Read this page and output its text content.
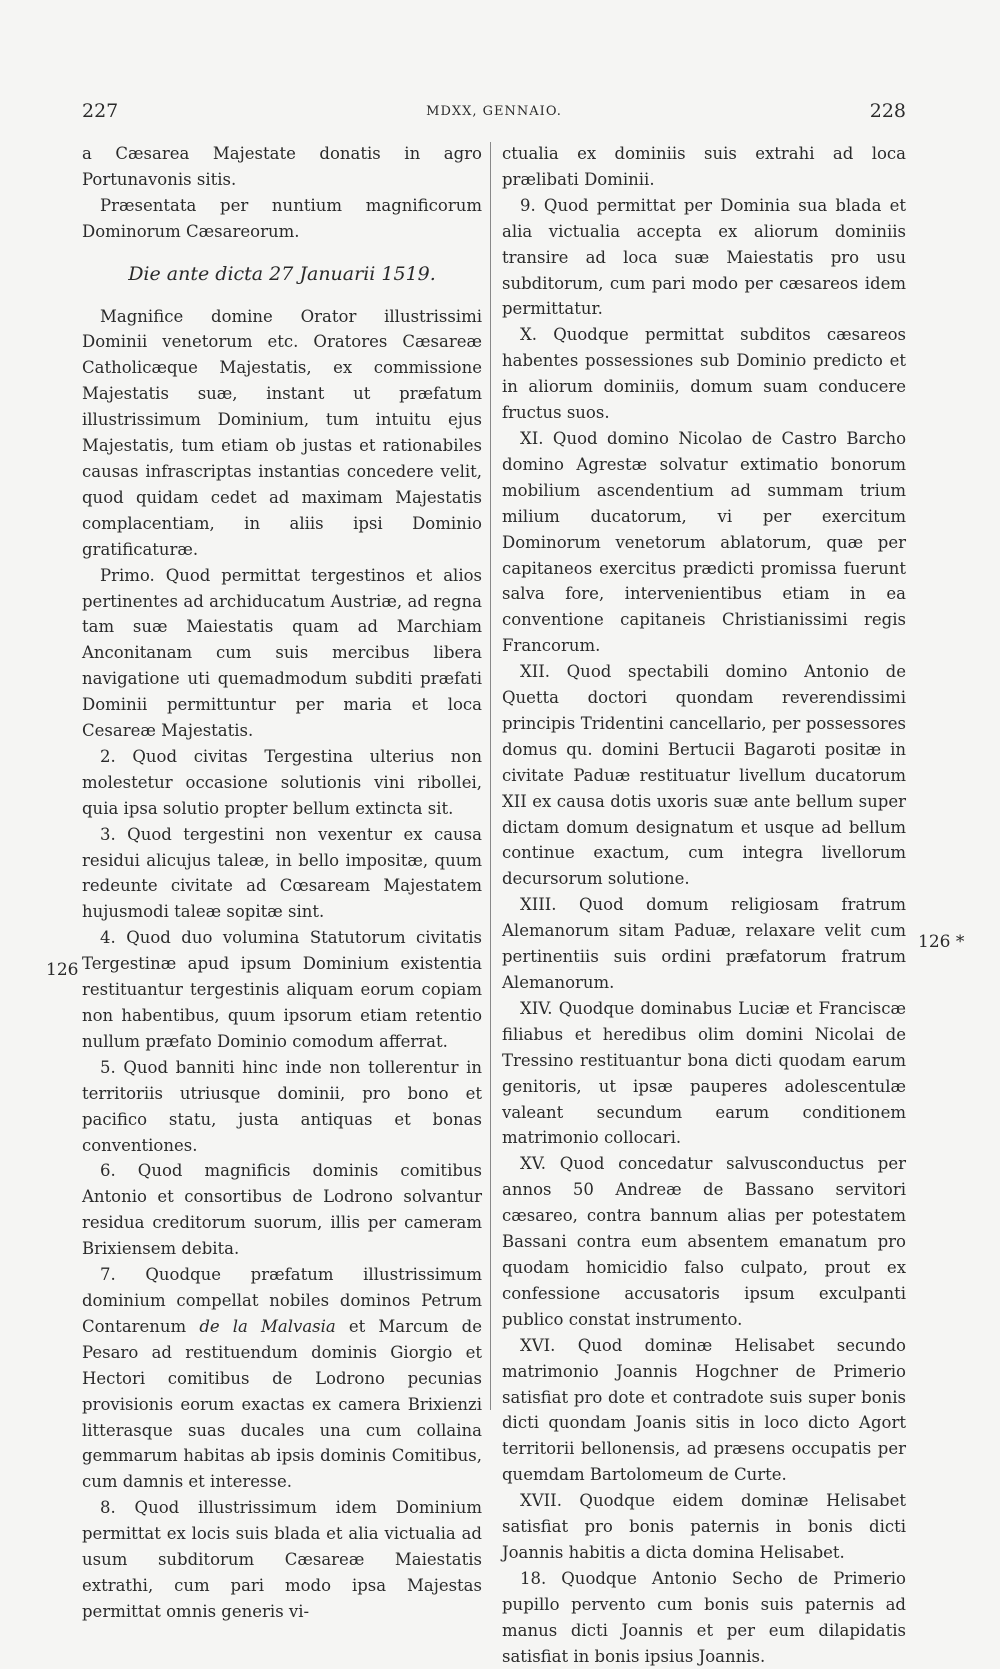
227	MDXX, GENNAIO.	228
126
126 *

a Cæsarea Majestate donatis in agro Portunavonis sitis.

Præsentata per nuntium magnificorum Dominorum Cæsareorum.

Die ante dicta 27 Januarii 1519.

Magnifice domine Orator illustrissimi Dominii venetorum etc. Oratores Cæsareæ Catholicæque Majestatis, ex commissione Majestatis suæ, instant ut præfatum illustrissimum Dominium, tum intuitu ejus Majestatis, tum etiam ob justas et rationabiles causas infrascriptas instantias concedere velit, quod quidam cedet ad maximam Majestatis complacentiam, in aliis ipsi Dominio gratificaturæ.

Primo. Quod permittat tergestinos et alios pertinentes ad archiducatum Austriæ, ad regna tam suæ Maiestatis quam ad Marchiam Anconitanam cum suis mercibus libera navigatione uti quemadmodum subditi præfati Dominii permittuntur per maria et loca Cesareæ Majestatis.

2. Quod civitas Tergestina ulterius non molestetur occasione solutionis vini ribollei, quia ipsa solutio propter bellum extincta sit.

3. Quod tergestini non vexentur ex causa residui alicujus taleæ, in bello impositæ, quum redeunte civitate ad Cœsaream Majestatem hujusmodi taleæ sopitæ sint.

4. Quod duo volumina Statutorum civitatis Tergestinæ apud ipsum Dominium existentia restituantur tergestinis aliquam eorum copiam non habentibus, quum ipsorum etiam retentio nullum præfato Dominio comodum afferrat.

5. Quod banniti hinc inde non tollerentur in territoriis utriusque dominii, pro bono et pacifico statu, justa antiquas et bonas conventiones.

6. Quod magnificis dominis comitibus Antonio et consortibus de Lodrono solvantur residua creditorum suorum, illis per cameram Brixiensem debita.

7. Quodque præfatum illustrissimum dominium compellat nobiles dominos Petrum Contarenum de la Malvasia et Marcum de Pesaro ad restituendum dominis Giorgio et Hectori comitibus de Lodrono pecunias provisionis eorum exactas ex camera Brixienzi litterasque suas ducales una cum collaina gemmarum habitas ab ipsis dominis Comitibus, cum damnis et interesse.

8. Quod illustrissimum idem Dominium permittat ex locis suis blada et alia victualia ad usum subditorum Cæsareæ Maiestatis extrathi, cum pari modo ipsa Majestas permittat omnis generis vi-

ctualia ex dominiis suis extrahi ad loca prælibati Dominii.

9. Quod permittat per Dominia sua blada et alia victualia accepta ex aliorum dominiis transire ad loca suæ Maiestatis pro usu subditorum, cum pari modo per cæsareos idem permittatur.

X. Quodque permittat subditos cæsareos habentes possessiones sub Dominio predicto et in aliorum dominiis, domum suam conducere fructus suos.

XI. Quod domino Nicolao de Castro Barcho domino Agrestæ solvatur extimatio bonorum mobilium ascendentium ad summam trium milium ducatorum, vi per exercitum Dominorum venetorum ablatorum, quæ per capitaneos exercitus prædicti promissa fuerunt salva fore, intervenientibus etiam in ea conventione capitaneis Christianissimi regis Francorum.

XII. Quod spectabili domino Antonio de Quetta doctori quondam reverendissimi principis Tridentini cancellario, per possessores domus qu. domini Bertucii Bagaroti positæ in civitate Paduæ restituatur livellum ducatorum XII ex causa dotis uxoris suæ ante bellum super dictam domum designatum et usque ad bellum continue exactum, cum integra livellorum decursorum solutione.

XIII. Quod domum religiosam fratrum Alemanorum sitam Paduæ, relaxare velit cum pertinentiis suis ordini præfatorum fratrum Alemanorum.

XIV. Quodque dominabus Luciæ et Franciscæ filiabus et heredibus olim domini Nicolai de Tressino restituantur bona dicti quodam earum genitoris, ut ipsæ pauperes adolescentulæ valeant secundum earum conditionem matrimonio collocari.

XV. Quod concedatur salvusconductus per annos 50 Andreæ de Bassano servitori cæsareo, contra bannum alias per potestatem Bassani contra eum absentem emanatum pro quodam homicidio falso culpato, prout ex confessione accusatoris ipsum exculpanti publico constat instrumento.

XVI. Quod dominæ Helisabet secundo matrimonio Joannis Hogchner de Primerio satisfiat pro dote et contradote suis super bonis dicti quondam Joanis sitis in loco dicto Agort territorii bellonensis, ad præsens occupatis per quemdam Bartolomeum de Curte.

XVII. Quodque eidem dominæ Helisabet satisfiat pro bonis paternis in bonis dicti Joannis habitis a dicta domina Helisabet.

18. Quodque Antonio Secho de Primerio pupillo pervento cum bonis suis paternis ad manus dicti Joannis et per eum dilapidatis satisfiat in bonis ipsius Joannis.
